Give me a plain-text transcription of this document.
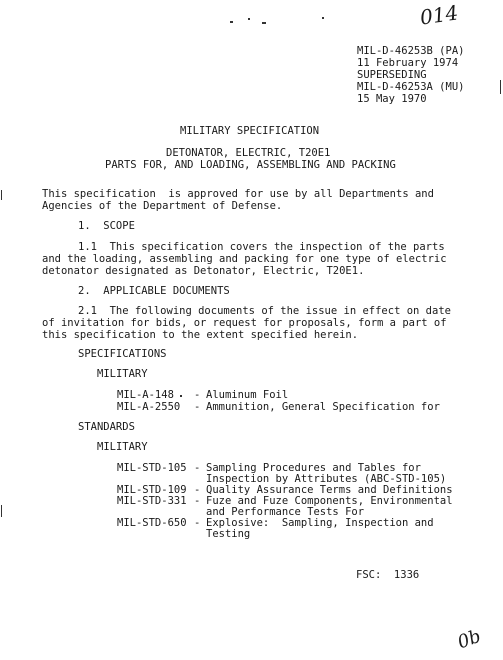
014
0b
MIL-D-46253B (PA)
11 February 1974
SUPERSEDING
MIL-D-46253A (MU)
15 May 1970
MILITARY SPECIFICATION
DETONATOR, ELECTRIC, T20E1
PARTS FOR, AND LOADING, ASSEMBLING AND PACKING
This specification  is approved for use by all Departments and
Agencies of the Department of Defense.
1.  SCOPE
1.1  This specification covers the inspection of the parts
and the loading, assembling and packing for one type of electric
detonator designated as Detonator, Electric, T20E1.
2.  APPLICABLE DOCUMENTS
2.1  The following documents of the issue in effect on date
of invitation for bids, or request for proposals, form a part of
this specification to the extent specified herein.
SPECIFICATIONS
MILITARY
MIL-A-148 - Aluminum Foil
MIL-A-2550 - Ammunition, General Specification for
STANDARDS
MILITARY
MIL-STD-105 - Sampling Procedures and Tables for
Inspection by Attributes (ABC-STD-105)
MIL-STD-109 - Quality Assurance Terms and Definitions
MIL-STD-331 - Fuze and Fuze Components, Environmental
and Performance Tests For
MIL-STD-650 - Explosive:  Sampling, Inspection and
Testing
FSC:  1336
